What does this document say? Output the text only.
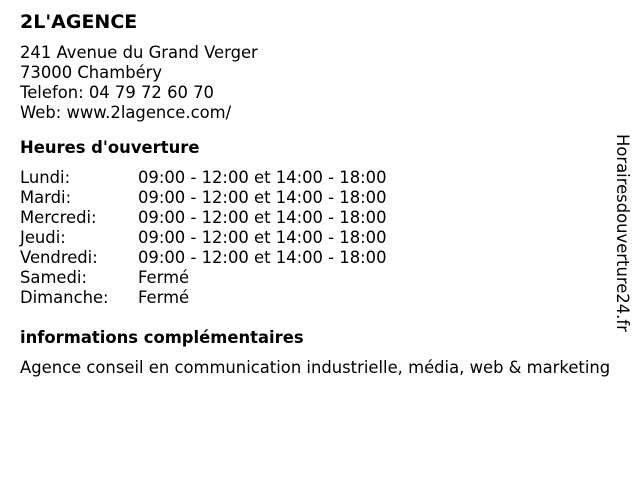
2L'AGENCE
241 Avenue du Grand Verger
73000 Chambéry
Telefon: 04 79 72 60 70
Web: www.2lagence.com/
Heures d'ouverture
Lundi:	09:00 - 12:00 et 14:00 - 18:00
Mardi:	09:00 - 12:00 et 14:00 - 18:00
Mercredi:	09:00 - 12:00 et 14:00 - 18:00
Jeudi:	09:00 - 12:00 et 14:00 - 18:00
Vendredi:	09:00 - 12:00 et 14:00 - 18:00
Samedi:	Fermé
Dimanche:	Fermé
informations complémentaires
Agence conseil en communication industrielle, média, web & marketing
Horairesdouverture24.fr
